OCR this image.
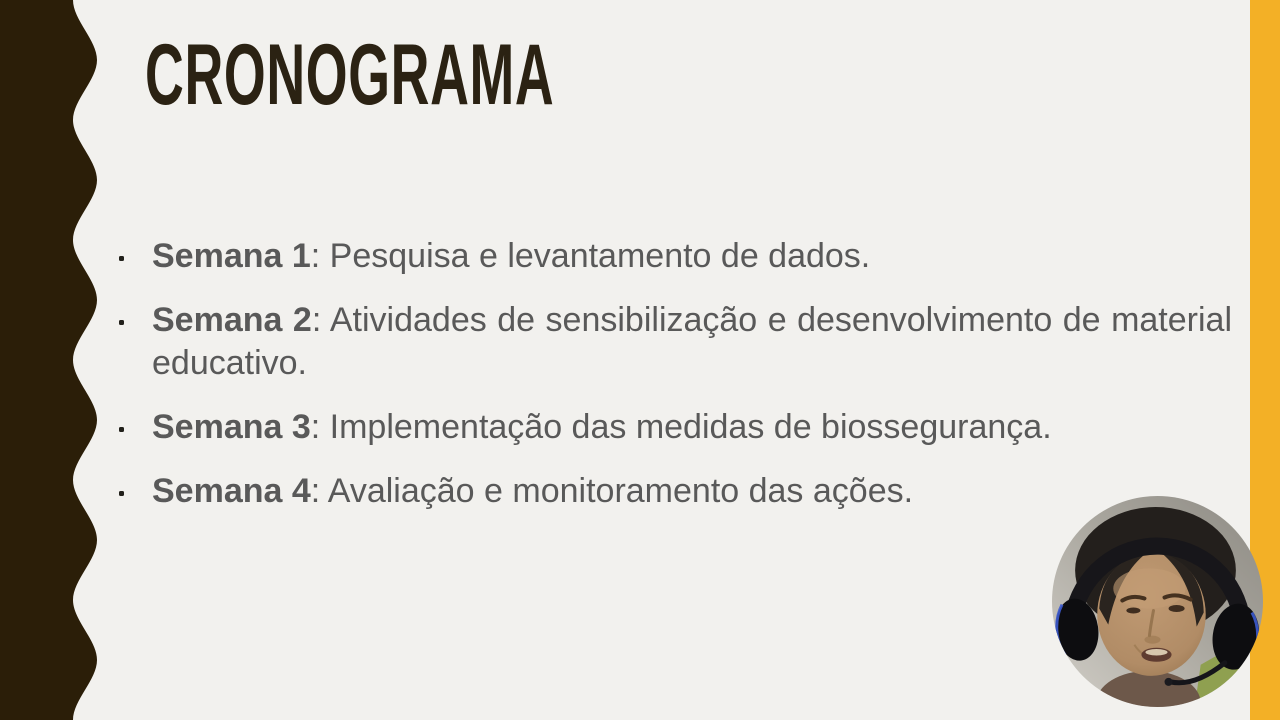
CRONOGRAMA
Semana 1: Pesquisa e levantamento de dados.
Semana 2: Atividades de sensibilização e desenvolvimento de material educativo.
Semana 3: Implementação das medidas de biossegurança.
Semana 4: Avaliação e monitoramento das ações.
